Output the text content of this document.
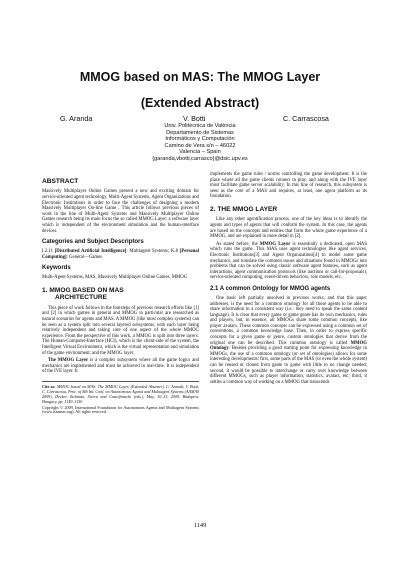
MMOG based on MAS: The MMOG Layer
(Extended Abstract)
G. Aranda	V. Botti	C. Carrascosa
Univ. Politècnica de València
Departamento de Sistemas
Informáticos y Computación
Camino de Vera s/n – 46022
Valencia – Spain
{garanda,vbotti,carrasco}@dsic.upv.es
ABSTRACT

Massively Multiplayer Online Games present a new and exciting domain for service-oriented agent technology. Multi-Agent Systems, Agent Organizations and Electronic Institutions in order to face the challenges of designing a modern Massively Multiplayer On-line Game . This article follows previous pieces of work in the line of Multi-Agent Systems and Massively Multiplayer Online Games research being its main focus the so called MMOG Layer: a software layer which is independent of the environment simulation and the human-interface devices.

Categories and Subject Descriptors

I.2.11 [Distributed Artificial Intelligence]: Multiagent Systems; K.8 [Personal Computing]: General—Games

Keywords

Multi-Agent Systems, MAS, Massively Multiplayer Online Games, MMOG

1. MMOG BASED ON MAS
ARCHITECTURE

This piece of work follows in the footsteps of previous research efforts like [1] and [2] in which games in general and MMOG in particular are researched as natural scenarios for agents and MAS. A MMOG (like most complex systems) can be seen as a system split into several layered subsystems, with each layer being relatively independent and taking care of one aspect of the whole MMOG experience. From the perspective of this work, a MMOG is split into three layers: The Human-Computer-Interface (HCI), which is the client-side of the system, the Intelligent Virtual Environment, which is the virtual representation and simulation of the game environment; and the MMOG layer.

The MMOG Layer is a complex subsystem where all the game logics and mechanics are implemented and must be achieved in real-time. It is independent of the IVE layer. It

Cite as: MMOG based on MAS: The MMOG Layer, (Extended Abstract), G. Aranda, V. Botti, C. Carrascosa, Proc. of 8th Int. Conf. on Autonomous Agents and Multiagent Systems (AAMAS 2009), Decker, Sichman, Sierra and Castelfranchi (eds.), May, 10–15, 2009, Budapest, Hungary, pp. 1149–1150

Copyright © 2009, International Foundation for Autonomous Agents and Multiagent Systems (www.ifaamas.org), All rights reserved.

implements the game rules / norms controlling the game development. It is the place where all the game clients connect to play, and along with the IVE layer must facilitate game server scalability. In this line of research, this subsystem is seen as the core of a MAS and requires, at least, one agent platform as its foundation.

2. THE MMOG LAYER

Like any other agentification process, one of the key ideas is to identify the agents and types of agents that will conform the system. In this case, the agents are based on the concepts and entities that form the whole game experience of a MMOG, and are explained in more detail in [2].

As stated before, the MMOG Layer is essentially a dedicated, open MAS which runs the game. This MAS uses agent technologies like agent services, Electronic Institutions[3] and Agent Organizations[4] to model some game mechanics, and translate the common issues and situations found in MMOGs into problems that can be solved using classic software agent features, such as agent interactions, agent communication protocols (like auctions or call-for-proposals), service-oriented computing, event-driven behaviors, role models, etc.

2.1 A common Ontology for MMOG agents

One basic left partially unsolved in previous works, and that this paper addresses, is the need for a common ontology for all those agents to be able to share information in a consistent way (i.e.: they need to speak the same content language). It is clear that every game or game genre has its own mechanics, rules and players, but, in essence, all MMOGs share some common concepts, like player avatars. These common concepts can be expressed using a common set of conventions, a common knowledge base. Then, in order to express specific concepts for a given game or genre, custom ontologies that derive from the original one can be described. This common ontology is called MMOG Ontology. Besides providing a good starting point for expressing knowledge in MMOGs, the use of a common ontology (or set of ontologies) allows for some interesting developments: first, some parts of the MAS (or even the whole system) can be reused or cloned from game to game with little to no change needed; second, it would be possible to interchange or carry over knowledge between different MMOGs, such as player information, statistics, avatars, etc; third, it settles a common way of working on a MMOG that transcends

1149
